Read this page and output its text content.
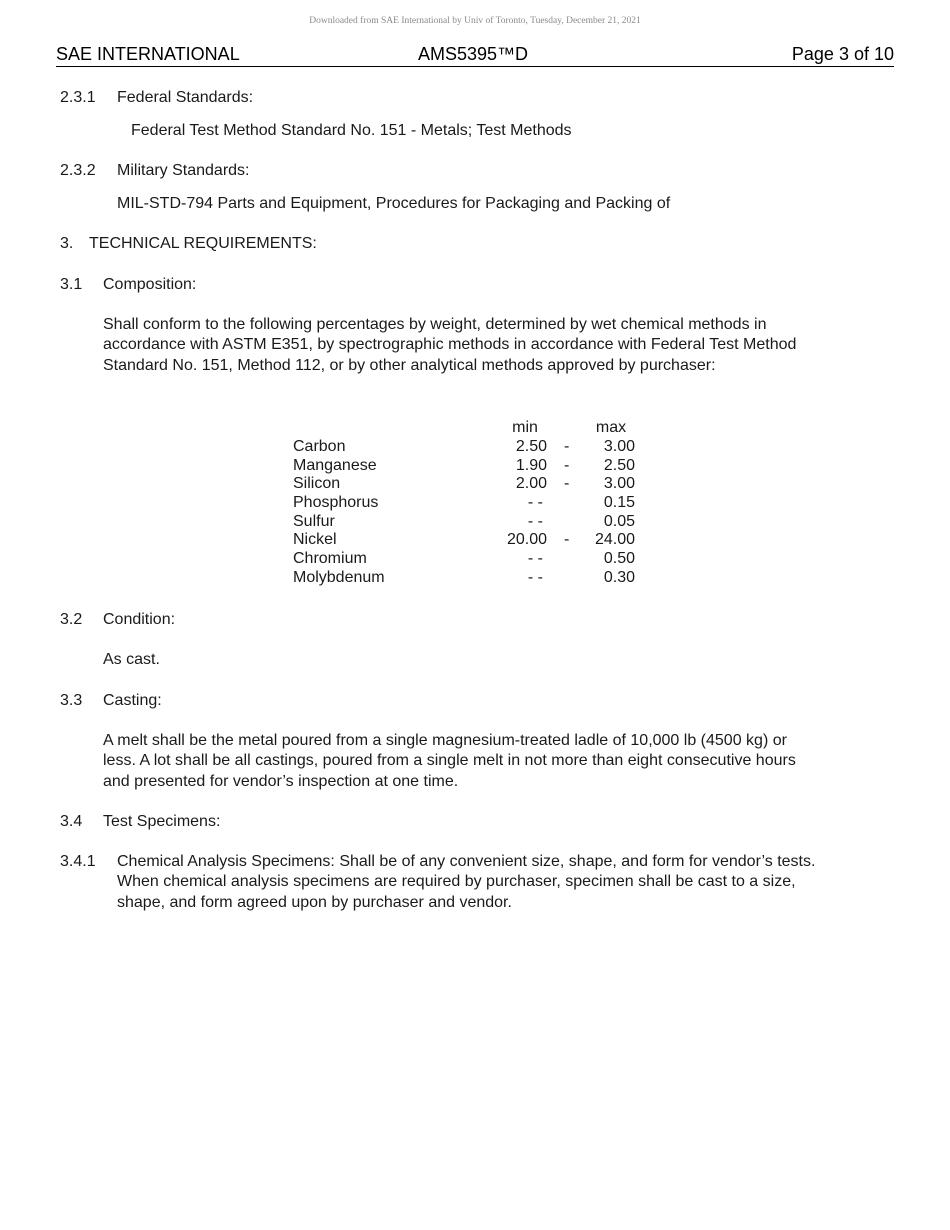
Downloaded from SAE International by Univ of Toronto, Tuesday, December 21, 2021
SAE INTERNATIONAL	AMS5395™D	Page 3 of 10
2.3.1 Federal Standards:
Federal Test Method Standard No. 151 - Metals; Test Methods
2.3.2 Military Standards:
MIL-STD-794 Parts and Equipment, Procedures for Packaging and Packing of
3. TECHNICAL REQUIREMENTS:
3.1 Composition:
Shall conform to the following percentages by weight, determined by wet chemical methods in
accordance with ASTM E351, by spectrographic methods in accordance with Federal Test Method
Standard No. 151, Method 112, or by other analytical methods approved by purchaser:
min	max
Carbon	2.50 -	3.00
Manganese	1.90 -	2.50
Silicon	2.00 -	3.00
Phosphorus	- -	0.15
Sulfur	- -	0.05
Nickel	20.00 -	24.00
Chromium	- -	0.50
Molybdenum	- -	0.30
3.2 Condition:
As cast.
3.3 Casting:
A melt shall be the metal poured from a single magnesium-treated ladle of 10,000 lb (4500 kg) or
less. A lot shall be all castings, poured from a single melt in not more than eight consecutive hours
and presented for vendor’s inspection at one time.
3.4 Test Specimens:
3.4.1 Chemical Analysis Specimens: Shall be of any convenient size, shape, and form for vendor’s tests.
When chemical analysis specimens are required by purchaser, specimen shall be cast to a size,
shape, and form agreed upon by purchaser and vendor.
